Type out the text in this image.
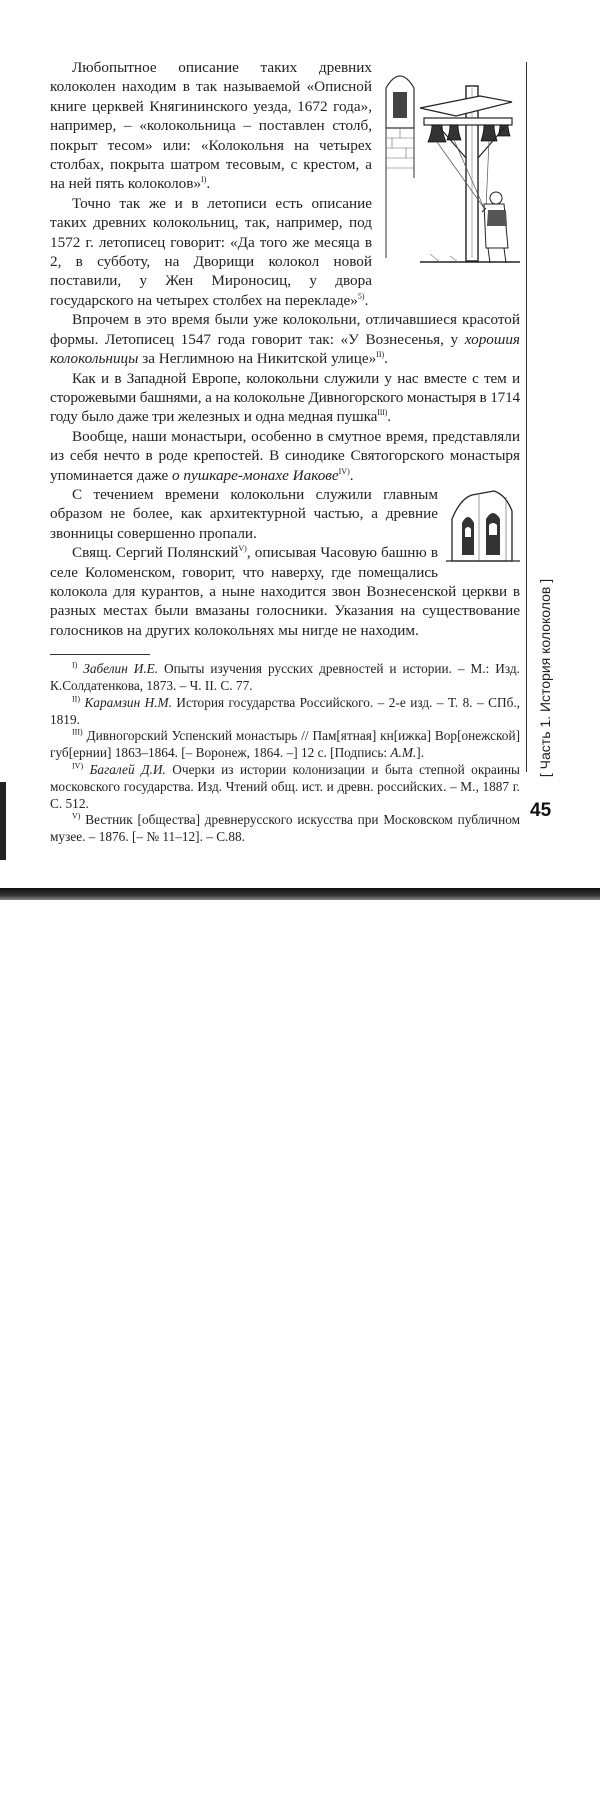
Любопытное описание таких древних колоколен находим в так называемой «Описной книге церквей Княгининского уезда, 1672 года», например, – «колокольница – поставлен столб, покрыт тесом» или: «Колокольня на четырех столбах, покрыта шатром тесовым, с крестом, а на ней пять колоколов»$^{I)}$.

Точно так же и в летописи есть описание таких древних колокольниц, так, например, под 1572 г. летописец говорит: «Да того же месяца в 2, в субботу, на Дворищи колокол новой поставили, у Жен Мироносиц, у двора государского на четырех столбех на перекладе»$^{5)}$.

Впрочем в это время были уже колокольни, отличавшиеся красотой формы. Летописец 1547 года говорит так: «У Вознесенья, у хорошия колокольницы за Неглимною на Никитской улице»$^{II)}$.

Как и в Западной Европе, колокольни служили у нас вместе с тем и сторожевыми башнями, а на колокольне Дивногорского монастыря в 1714 году было даже три железных и одна медная пушка$^{III)}$.

Вообще, наши монастыри, особенно в смутное время, представляли из себя нечто в роде крепостей. В синодике Святогорского монастыря упоминается даже о пушкаре-монахе Иакове$^{IV)}$.

С течением времени колокольни служили главным образом не более, как архитектурной частью, а древние звонницы совершенно пропали.

Свящ. Сергий Полянский$^{V)}$, описывая Часовую башню в селе Коломенском, говорит, что наверху, где помещались колокола для курантов, а ныне находится звон Вознесенской церкви в разных местах были вмазаны голосники. Указания на существование голосников на других колокольнях мы нигде не находим.

$^{I)}$ Забелин И.Е. Опыты изучения русских древностей и истории. – М.: Изд. К.Солдатенкова, 1873. – Ч. II. С. 77.

$^{II)}$ Карамзин Н.М. История государства Российского. – 2-е изд. – Т. 8. – СПб., 1819.

$^{III)}$ Дивногорский Успенский монастырь // Пам[ятная] кн[ижка] Вор[онежской] губ[ернии] 1863–1864. [– Воронеж, 1864. –] 12 с. [Подпись: А.М.].

$^{IV)}$ Багалей Д.И. Очерки из истории колонизации и быта степной окраины московского государства. Изд. Чтений общ. ист. и древн. российских. – М., 1887 г. С. 512.

$^{V)}$ Вестник [общества] древнерусского искусства при Московском публичном музее. – 1876. [– № 11–12]. – С.88.

[ Часть 1. История колоколов ]
45
